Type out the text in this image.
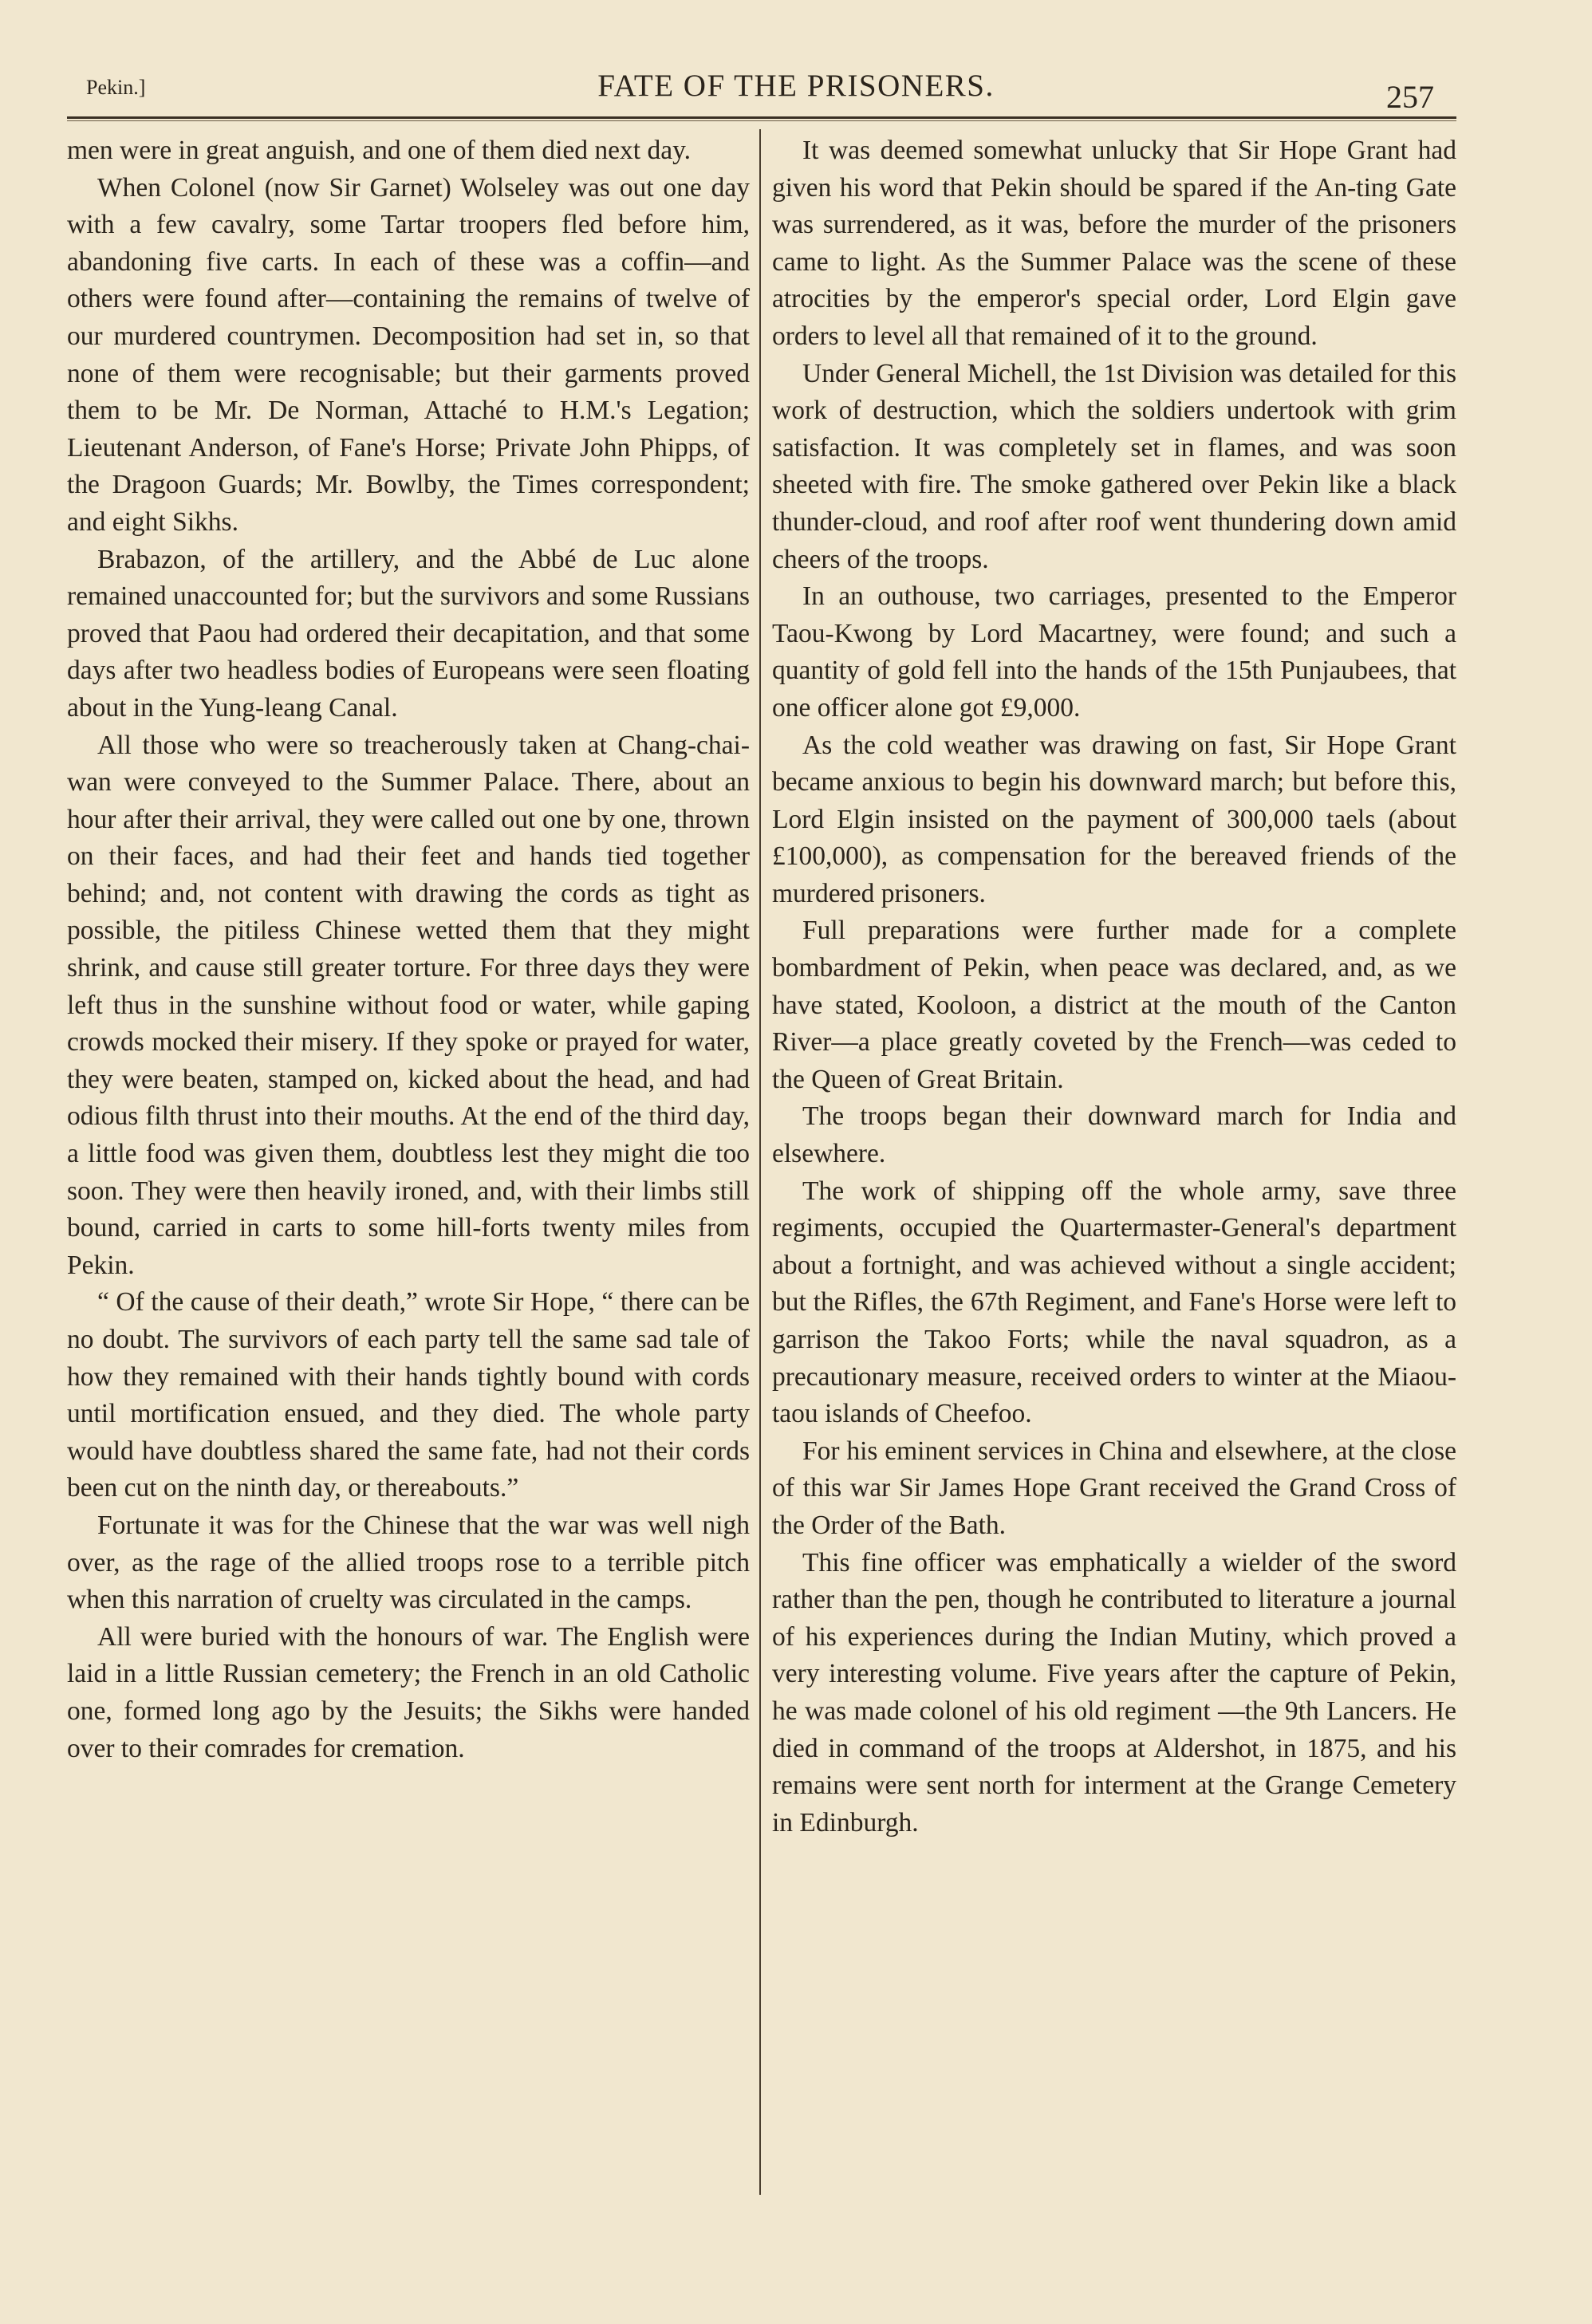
Pekin.]	FATE OF THE PRISONERS.	257

men were in great anguish, and one of them died next day.

When Colonel (now Sir Garnet) Wolseley was out one day with a few cavalry, some Tartar troopers fled before him, abandoning five carts. In each of these was a coffin—and others were found after—containing the remains of twelve of our murdered countrymen. Decomposition had set in, so that none of them were recognisable; but their garments proved them to be Mr. De Norman, Attaché to H.M.'s Legation; Lieutenant Anderson, of Fane's Horse; Private John Phipps, of the Dragoon Guards; Mr. Bowlby, the Times correspondent; and eight Sikhs.

Brabazon, of the artillery, and the Abbé de Luc alone remained unaccounted for; but the survivors and some Russians proved that Paou had ordered their decapitation, and that some days after two headless bodies of Europeans were seen floating about in the Yung-leang Canal.

All those who were so treacherously taken at Chang-chai-wan were conveyed to the Summer Palace. There, about an hour after their arrival, they were called out one by one, thrown on their faces, and had their feet and hands tied together behind; and, not content with drawing the cords as tight as possible, the pitiless Chinese wetted them that they might shrink, and cause still greater torture. For three days they were left thus in the sunshine without food or water, while gaping crowds mocked their misery. If they spoke or prayed for water, they were beaten, stamped on, kicked about the head, and had odious filth thrust into their mouths. At the end of the third day, a little food was given them, doubtless lest they might die too soon. They were then heavily ironed, and, with their limbs still bound, carried in carts to some hill-forts twenty miles from Pekin.

“ Of the cause of their death,” wrote Sir Hope, “ there can be no doubt. The survivors of each party tell the same sad tale of how they remained with their hands tightly bound with cords until mortification ensued, and they died. The whole party would have doubtless shared the same fate, had not their cords been cut on the ninth day, or thereabouts.”

Fortunate it was for the Chinese that the war was well nigh over, as the rage of the allied troops rose to a terrible pitch when this narration of cruelty was circulated in the camps.

All were buried with the honours of war. The English were laid in a little Russian cemetery; the French in an old Catholic one, formed long ago by the Jesuits; the Sikhs were handed over to their comrades for cremation.

It was deemed somewhat unlucky that Sir Hope Grant had given his word that Pekin should be spared if the An-ting Gate was surrendered, as it was, before the murder of the prisoners came to light. As the Summer Palace was the scene of these atrocities by the emperor's special order, Lord Elgin gave orders to level all that remained of it to the ground.

Under General Michell, the 1st Division was detailed for this work of destruction, which the soldiers undertook with grim satisfaction. It was completely set in flames, and was soon sheeted with fire. The smoke gathered over Pekin like a black thunder-cloud, and roof after roof went thundering down amid cheers of the troops.

In an outhouse, two carriages, presented to the Emperor Taou-Kwong by Lord Macartney, were found; and such a quantity of gold fell into the hands of the 15th Punjaubees, that one officer alone got £9,000.

As the cold weather was drawing on fast, Sir Hope Grant became anxious to begin his downward march; but before this, Lord Elgin insisted on the payment of 300,000 taels (about £100,000), as compensation for the bereaved friends of the murdered prisoners.

Full preparations were further made for a complete bombardment of Pekin, when peace was declared, and, as we have stated, Kooloon, a district at the mouth of the Canton River—a place greatly coveted by the French—was ceded to the Queen of Great Britain.

The troops began their downward march for India and elsewhere.

The work of shipping off the whole army, save three regiments, occupied the Quartermaster-General's department about a fortnight, and was achieved without a single accident; but the Rifles, the 67th Regiment, and Fane's Horse were left to garrison the Takoo Forts; while the naval squadron, as a precautionary measure, received orders to winter at the Miaou-taou islands of Cheefoo.

For his eminent services in China and elsewhere, at the close of this war Sir James Hope Grant received the Grand Cross of the Order of the Bath.

This fine officer was emphatically a wielder of the sword rather than the pen, though he contributed to literature a journal of his experiences during the Indian Mutiny, which proved a very interesting volume. Five years after the capture of Pekin, he was made colonel of his old regiment —the 9th Lancers. He died in command of the troops at Aldershot, in 1875, and his remains were sent north for interment at the Grange Cemetery in Edinburgh.
